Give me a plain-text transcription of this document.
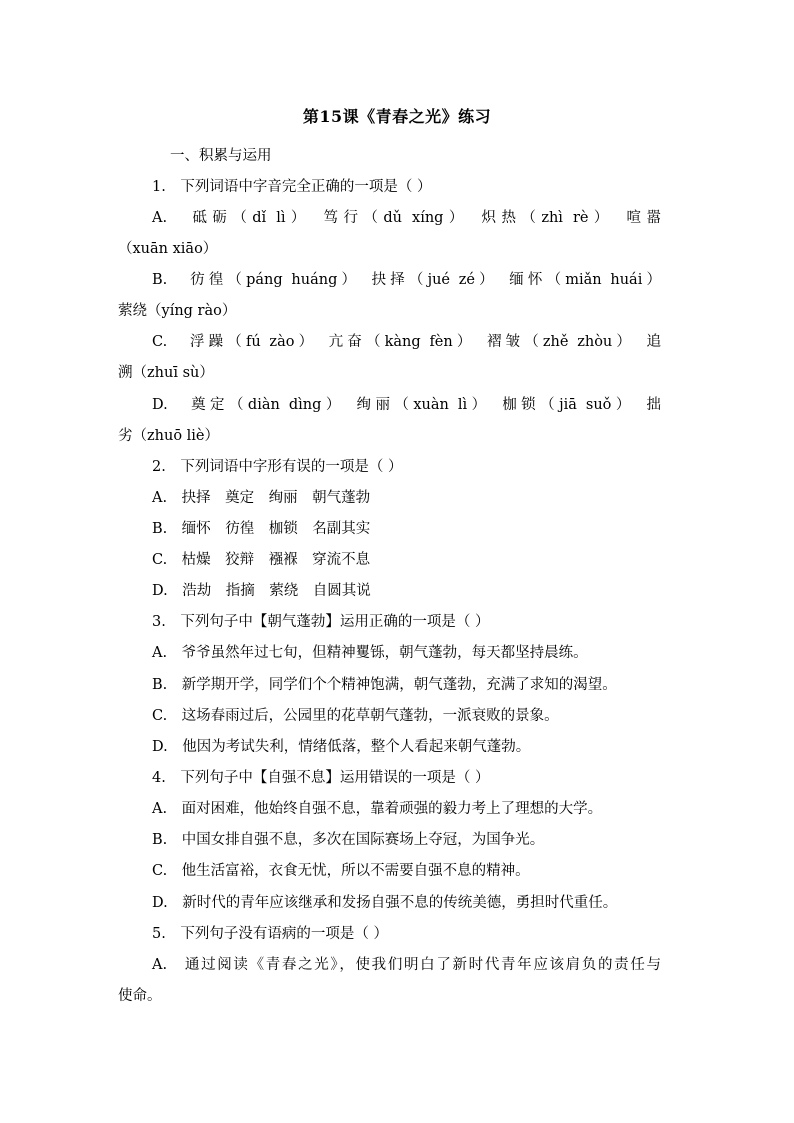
第15课《青春之光》练习
一、积累与运用
1.　下列词语中字音完全正确的一项是（ ）
A.　砥砺（dǐ lì）　笃行（dǔ xíng）　炽热（zhì rè）　喧嚣
（xuān xiāo）
B.　彷徨（páng huáng）　抉择（jué zé）　缅怀（miǎn huái）
萦绕（yíng rào）
C.　浮躁（fú zào）　亢奋（kàng fèn）　褶皱（zhě zhòu）　追
溯（zhuī sù）
D.　奠定（diàn dìng）　绚丽（xuàn lì）　枷锁（jiā suǒ）　拙
劣（zhuō liè）
2.　下列词语中字形有误的一项是（ ）
A.　抉择　奠定　绚丽　朝气蓬勃
B.　缅怀　彷徨　枷锁　名副其实
C.　枯燥　狡辩　襁褓　穿流不息
D.　浩劫　指摘　萦绕　自圆其说
3.　下列句子中【朝气蓬勃】运用正确的一项是（ ）
A.　爷爷虽然年过七旬，但精神矍铄，朝气蓬勃，每天都坚持晨练。
B.　新学期开学，同学们个个精神饱满，朝气蓬勃，充满了求知的渴望。
C.　这场春雨过后，公园里的花草朝气蓬勃，一派衰败的景象。
D.　他因为考试失利，情绪低落，整个人看起来朝气蓬勃。
4.　下列句子中【自强不息】运用错误的一项是（ ）
A.　面对困难，他始终自强不息，靠着顽强的毅力考上了理想的大学。
B.　中国女排自强不息，多次在国际赛场上夺冠，为国争光。
C.　他生活富裕，衣食无忧，所以不需要自强不息的精神。
D.　新时代的青年应该继承和发扬自强不息的传统美德，勇担时代重任。
5.　下列句子没有语病的一项是（ ）
A.　通过阅读《青春之光》，使我们明白了新时代青年应该肩负的责任与
使命。
